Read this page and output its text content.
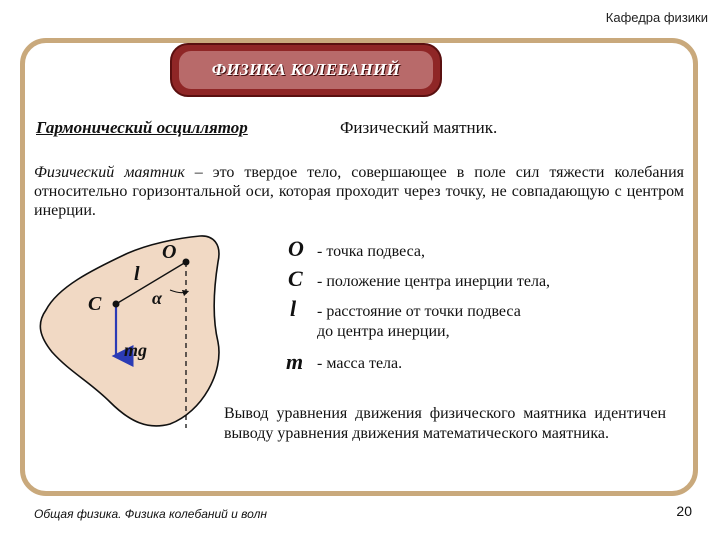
Кафедра физики
ФИЗИКА КОЛЕБАНИЙ
Гармонический осциллятор	Физический маятник.
Физический маятник – это твердое тело, совершающее в поле сил тяжести колебания относительно горизонтальной оси, которая проходит через точку, не совпадающую с центром инерции.
O
l
C	α
mg
O - точка подвеса,
C - положение центра инерции тела,
l - расстояние от точки подвеса
до центра инерции,
m - масса тела.
Вывод уравнения движения физического маятника идентичен выводу уравнения движения математического маятника.
Общая физика. Физика колебаний и волн	20
